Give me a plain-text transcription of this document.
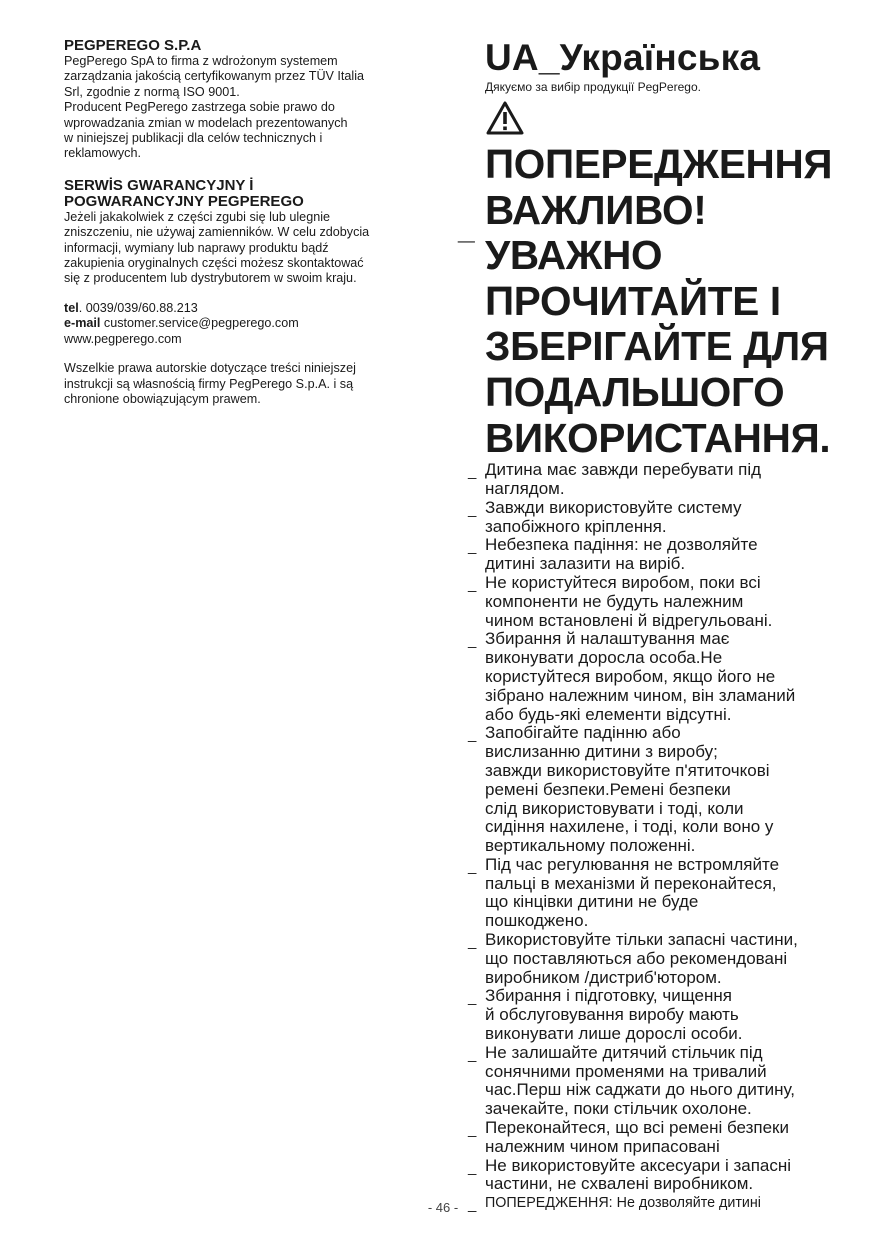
PEGPEREGO S.P.A

PegPerego SpA to firma z wdrożonym systemem

zarządzania jakością certyfikowanym przez TÜV Italia

Srl, zgodnie z normą ISO 9001.

Producent PegPerego zastrzega sobie prawo do

wprowadzania zmian w modelach prezentowanych

w niniejszej publikacji dla celów technicznych i

reklamowych.

SERWİS GWARANCYJNY İ

POGWARANCYJNY PEGPEREGO

Jeżeli jakakolwiek z części zgubi się lub ulegnie

zniszczeniu, nie używaj zamienników. W celu zdobycia

informacji, wymiany lub naprawy produktu bądź

zakupienia oryginalnych części możesz skontaktować

się z producentem lub dystrybutorem w swoim kraju.

tel. 0039/039/60.88.213

e-mail customer.service@pegperego.com

www.pegperego.com

Wszelkie prawa autorskie dotyczące treści niniejszej

instrukcji są własnością firmy PegPerego S.p.A. i są

chronione obowiązującym prawem.

UA_Українська

Дякуємо за вибір продукції PegPerego.

_

ПОПЕРЕДЖЕННЯ

ВАЖЛИВО!

УВАЖНО

ПРОЧИТАЙТЕ І

ЗБЕРІГАЙТЕ ДЛЯ

ПОДАЛЬШОГО

ВИКОРИСТАННЯ.

_ Дитина має завжди перебувати під
наглядом.

_ Завжди використовуйте систему
запобіжного кріплення.

_ Небезпека падіння: не дозволяйте
дитині залазити на виріб.

_ Не користуйтеся виробом, поки всі
компоненти не будуть належним
чином встановлені й відрегульовані.

_ Збирання й налаштування має
виконувати доросла особа.Не
користуйтеся виробом, якщо його не
зібрано належним чином, він зламаний
або будь-які елементи відсутні.

_ Запобігайте падінню або
вислизанню дитини з виробу;
завжди використовуйте п'ятиточкові
ремені безпеки.Ремені безпеки
слід використовувати і тоді, коли
сидіння нахилене, і тоді, коли воно у
вертикальному положенні.

_ Під час регулювання не встромляйте
пальці в механізми й переконайтеся,
що кінцівки дитини не буде
пошкоджено.

_ Використовуйте тільки запасні частини,
що поставляються або рекомендовані
виробником /дистриб'ютором.

_ Збирання і підготовку, чищення
й обслуговування виробу мають
виконувати лише дорослі особи.

_ Не залишайте дитячий стільчик під
сонячними променями на тривалий
час.Перш ніж саджати до нього дитину,
зачекайте, поки стільчик охолоне.

_ Переконайтеся, що всі ремені безпеки
належним чином припасовані

_ Не використовуйте аксесуари і запасні
частини, не схвалені виробником.

_ ПОПЕРЕДЖЕННЯ: Не дозволяйте дитині

- 46 -
